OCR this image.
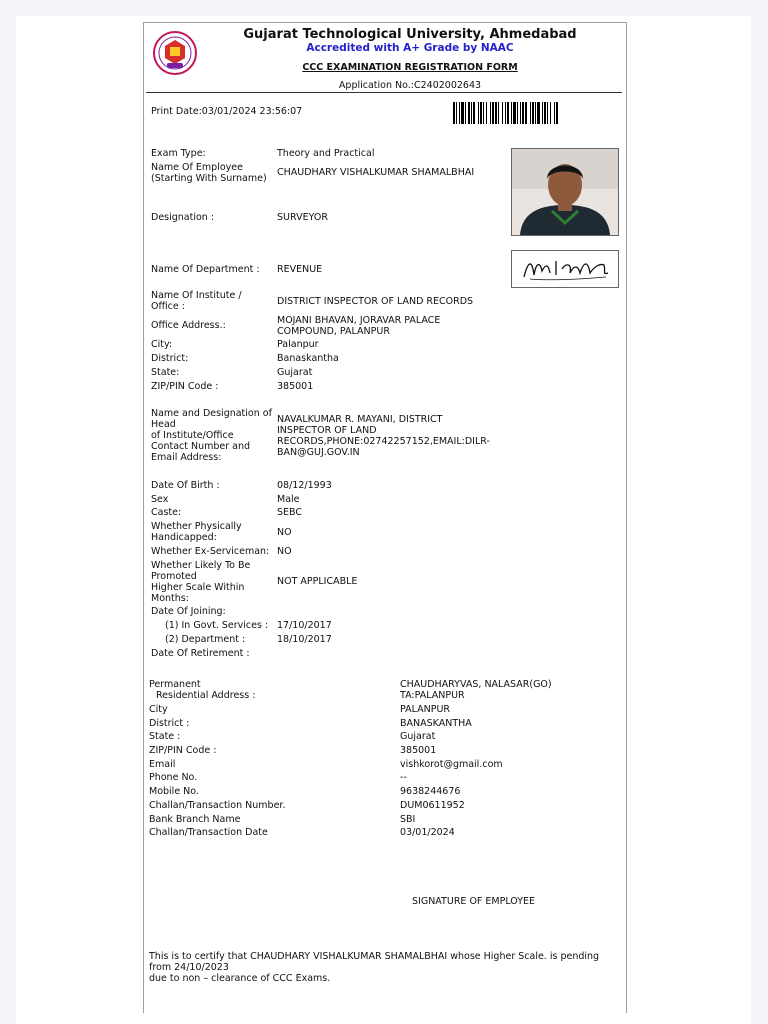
Gujarat Technological University, Ahmedabad
Accredited with A+ Grade by NAAC
CCC EXAMINATION REGISTRATION FORM
Application No.:C2402002643
Print Date:03/01/2024 23:56:07
Exam Type:	Theory and Practical
Name Of Employee
(Starting With Surname)
CHAUDHARY VISHALKUMAR SHAMALBHAI
Designation :	SURVEYOR
Name Of Department : REVENUE
Name Of Institute /
Office :	DISTRICT INSPECTOR OF LAND RECORDS
Office Address.:	MOJANI BHAVAN, JORAVAR PALACE
COMPOUND, PALANPUR
City:	Palanpur
District:	Banaskantha
State:	Gujarat
ZIP/PIN Code :	385001
Name and Designation of
Head
of Institute/Office
Contact Number and
Email Address:
NAVALKUMAR R. MAYANI, DISTRICT
INSPECTOR OF LAND
RECORDS,PHONE:02742257152,EMAIL:DILR-
BAN@GUJ.GOV.IN
Date Of Birth :	08/12/1993
Sex	Male
Caste:	SEBC
Whether Physically
Handicapped:	NO
Whether Ex-Serviceman: NO
Whether Likely To Be
Promoted
Higher Scale Within
Months:
NOT APPLICABLE
Date Of Joining:
(1) In Govt. Services : 17/10/2017
(2) Department :	18/10/2017
Date Of Retirement :
Permanent
Residential Address :
CHAUDHARYVAS, NALASAR(GO)
TA:PALANPUR
City	PALANPUR
District :	BANASKANTHA
State :	Gujarat
ZIP/PIN Code :	385001
Email	vishkorot@gmail.com
Phone No.	--
Mobile No.	9638244676
Challan/Transaction Number.	DUM0611952
Bank Branch Name	SBI
Challan/Transaction Date	03/01/2024
SIGNATURE OF EMPLOYEE
This is to certify that CHAUDHARY VISHALKUMAR SHAMALBHAI whose Higher Scale. is pending
from 24/10/2023
due to non – clearance of CCC Exams.
